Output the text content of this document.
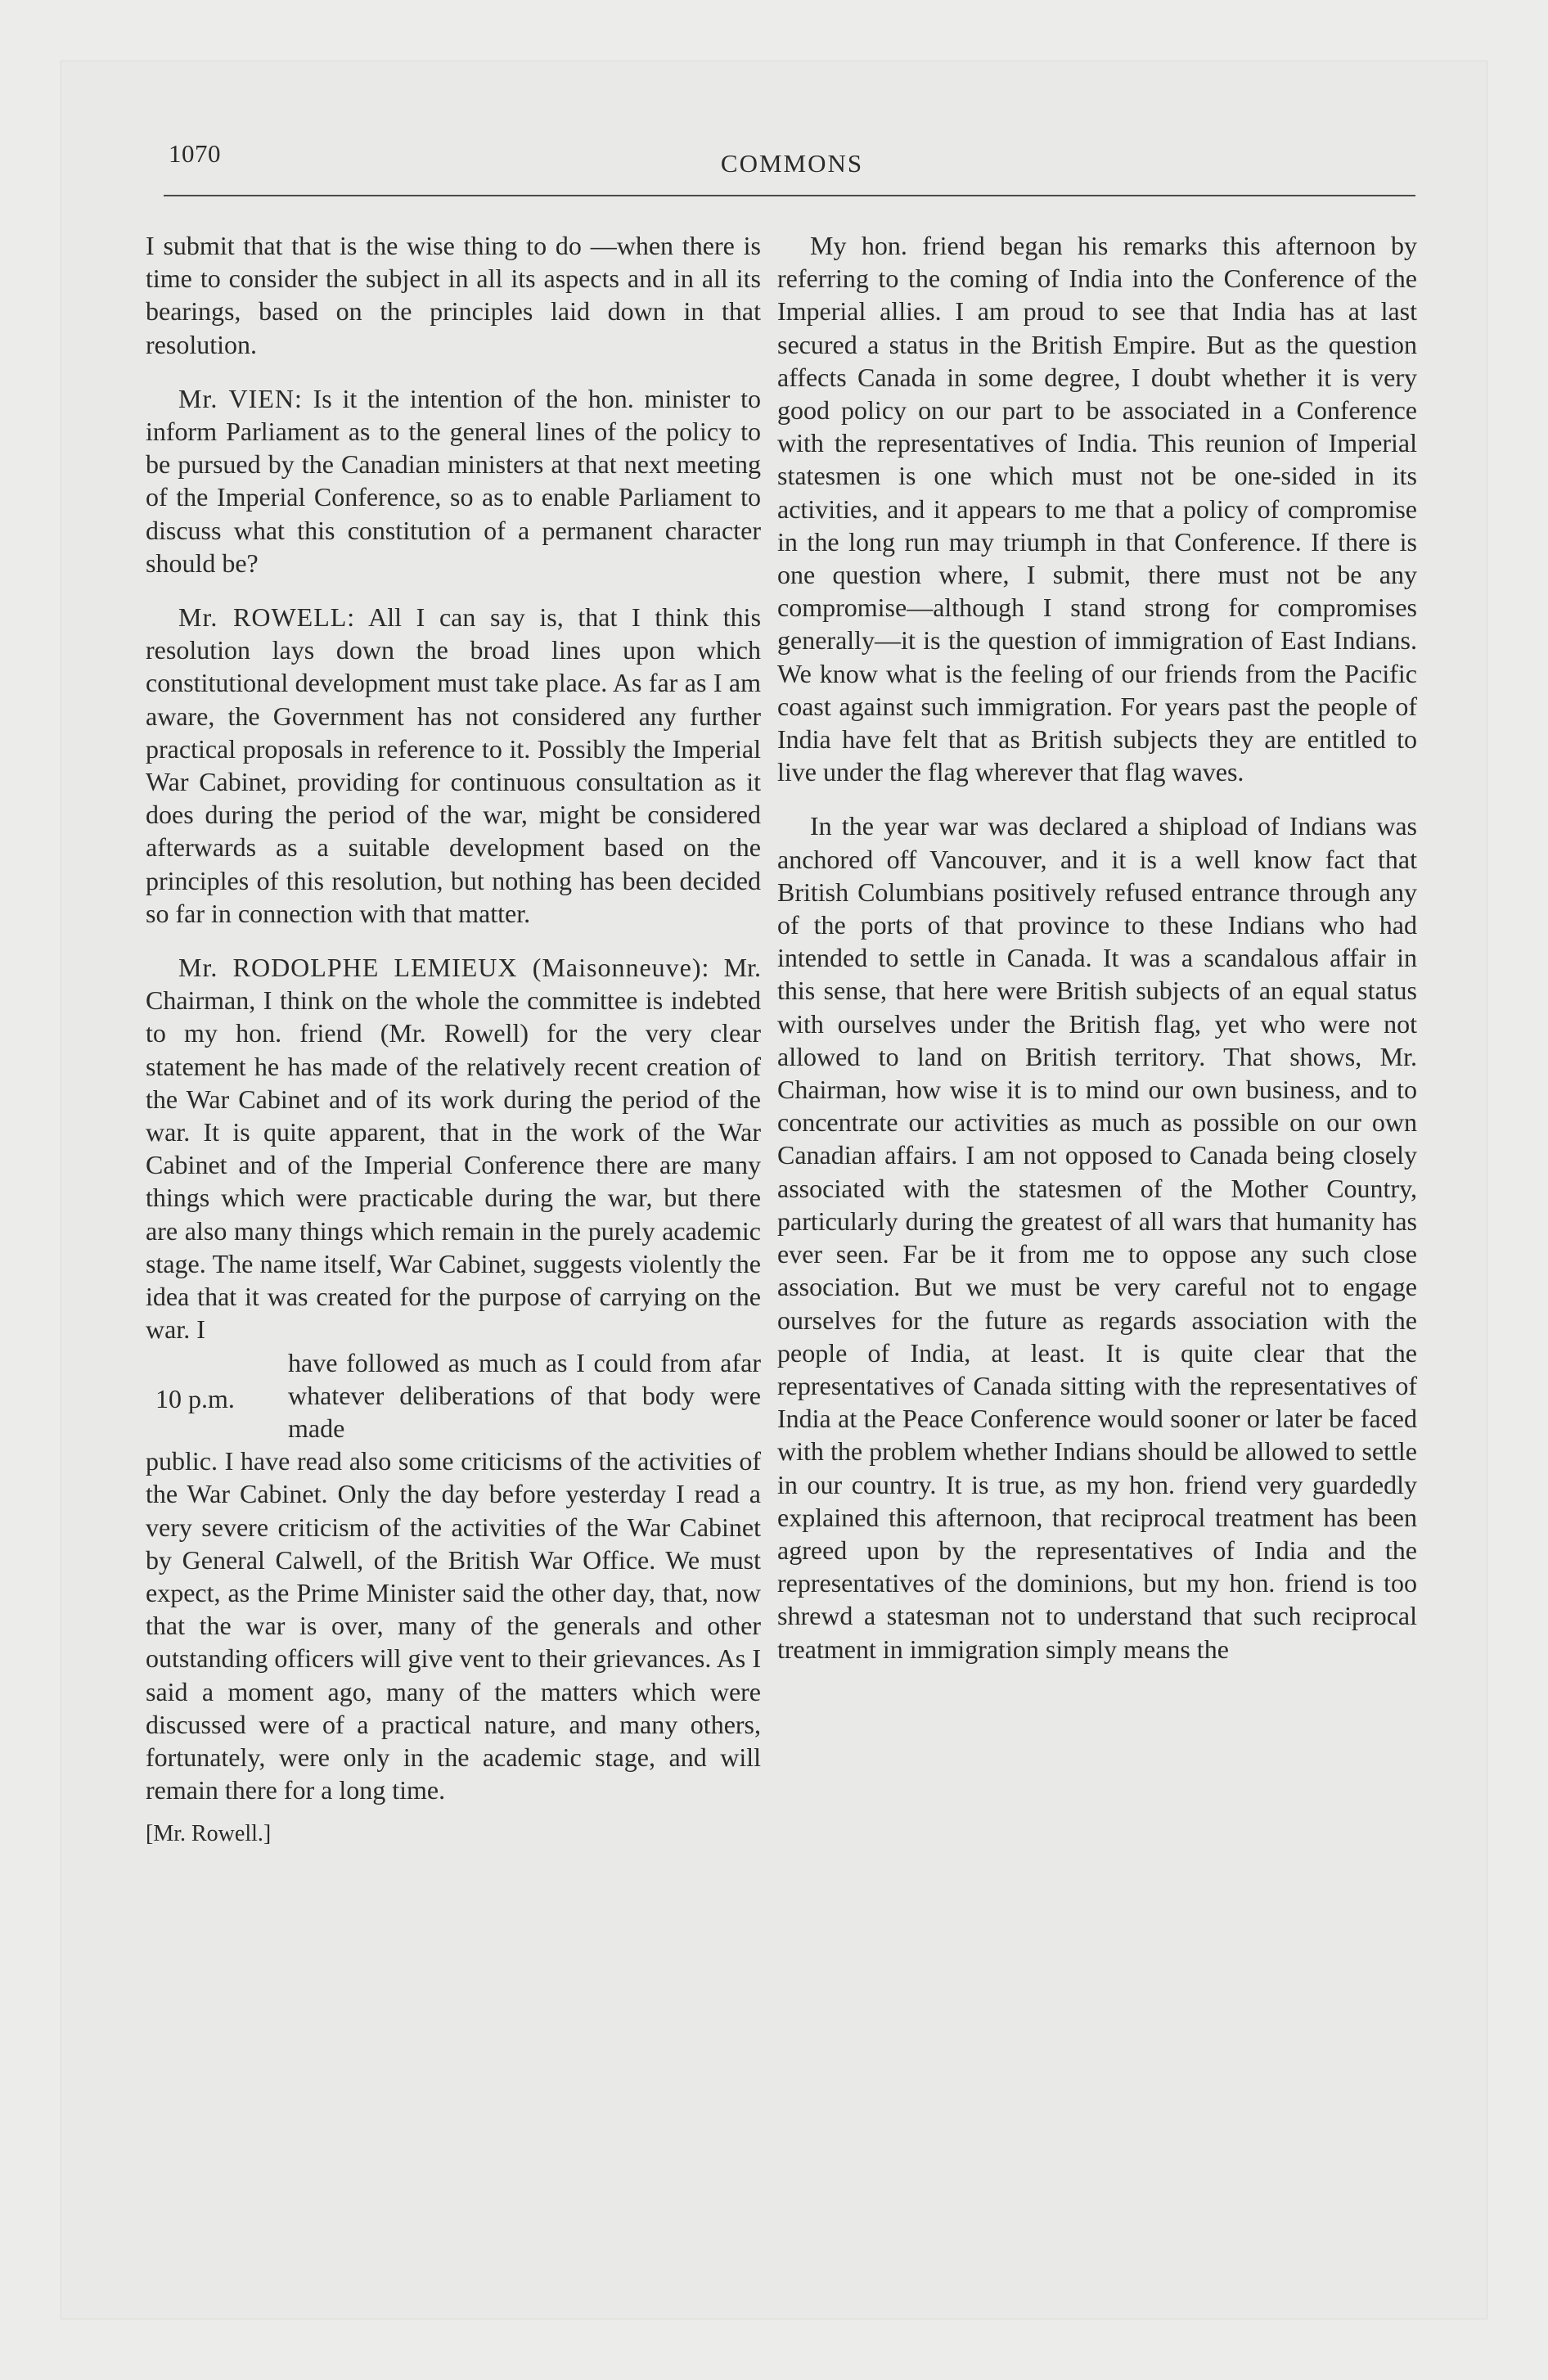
1070	COMMONS

I submit that that is the wise thing to do —when there is time to consider the subject in all its aspects and in all its bearings, based on the principles laid down in that resolution.

Mr. VIEN: Is it the intention of the hon. minister to inform Parliament as to the general lines of the policy to be pursued by the Canadian ministers at that next meeting of the Imperial Conference, so as to enable Parliament to discuss what this constitution of a permanent character should be?

Mr. ROWELL: All I can say is, that I think this resolution lays down the broad lines upon which constitutional development must take place. As far as I am aware, the Government has not considered any further practical proposals in reference to it. Possibly the Imperial War Cabinet, providing for continuous consultation as it does during the period of the war, might be considered afterwards as a suitable development based on the principles of this resolution, but nothing has been decided so far in connection with that matter.

Mr. RODOLPHE LEMIEUX (Maisonneuve): Mr. Chairman, I think on the whole the committee is indebted to my hon. friend (Mr. Rowell) for the very clear statement he has made of the relatively recent creation of the War Cabinet and of its work during the period of the war. It is quite apparent, that in the work of the War Cabinet and of the Imperial Conference there are many things which were practicable during the war, but there are also many things which remain in the purely academic stage. The name itself, War Cabinet, suggests violently the idea that it was created for the purpose of carrying on the war. I

10 p.m.

have followed as much as I could from afar whatever deliberations of that body were made

public. I have read also some criticisms of the activities of the War Cabinet. Only the day before yesterday I read a very severe criticism of the activities of the War Cabinet by General Calwell, of the British War Office. We must expect, as the Prime Minister said the other day, that, now that the war is over, many of the generals and other outstanding officers will give vent to their grievances. As I said a moment ago, many of the matters which were discussed were of a practical nature, and many others, fortunately, were only in the academic stage, and will remain there for a long time.

[Mr. Rowell.]

My hon. friend began his remarks this afternoon by referring to the coming of India into the Conference of the Imperial allies. I am proud to see that India has at last secured a status in the British Empire. But as the question affects Canada in some degree, I doubt whether it is very good policy on our part to be associated in a Conference with the representatives of India. This reunion of Imperial statesmen is one which must not be one-sided in its activities, and it appears to me that a policy of compromise in the long run may triumph in that Conference. If there is one question where, I submit, there must not be any compromise—although I stand strong for compromises generally—it is the question of immigration of East Indians. We know what is the feeling of our friends from the Pacific coast against such immigration. For years past the people of India have felt that as British subjects they are entitled to live under the flag wherever that flag waves.

In the year war was declared a shipload of Indians was anchored off Vancouver, and it is a well know fact that British Columbians positively refused entrance through any of the ports of that province to these Indians who had intended to settle in Canada. It was a scandalous affair in this sense, that here were British subjects of an equal status with ourselves under the British flag, yet who were not allowed to land on British territory. That shows, Mr. Chairman, how wise it is to mind our own business, and to concentrate our activities as much as possible on our own Canadian affairs. I am not opposed to Canada being closely associated with the statesmen of the Mother Country, particularly during the greatest of all wars that humanity has ever seen. Far be it from me to oppose any such close association. But we must be very careful not to engage ourselves for the future as regards association with the people of India, at least. It is quite clear that the representatives of Canada sitting with the representatives of India at the Peace Conference would sooner or later be faced with the problem whether Indians should be allowed to settle in our country. It is true, as my hon. friend very guardedly explained this afternoon, that reciprocal treatment has been agreed upon by the representatives of India and the representatives of the dominions, but my hon. friend is too shrewd a statesman not to understand that such reciprocal treatment in immigration simply means the
